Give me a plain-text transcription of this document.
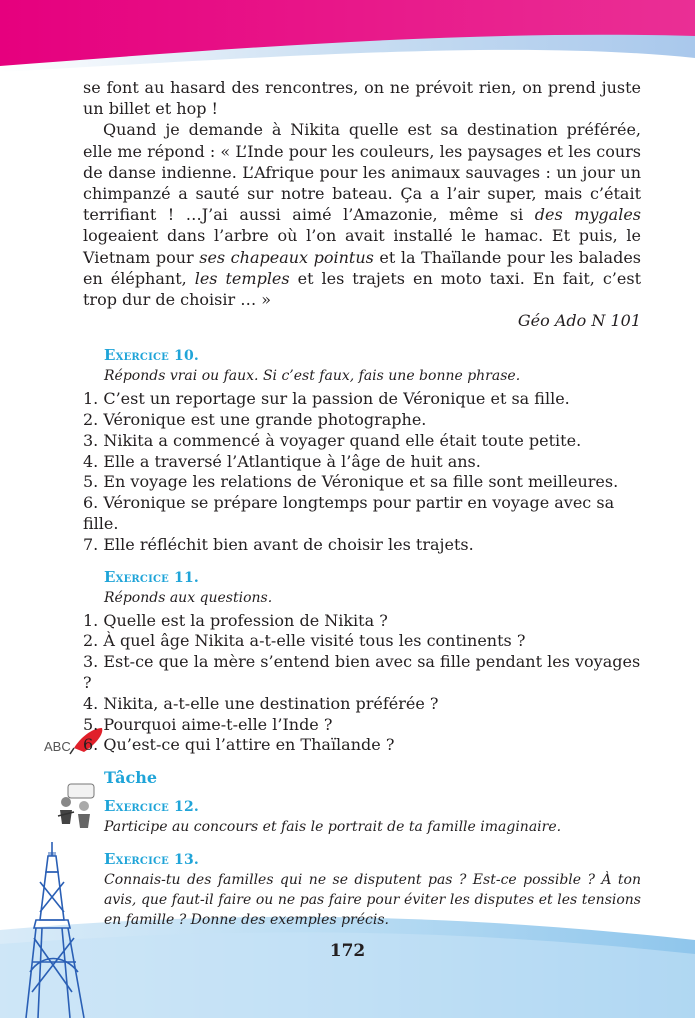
ABC

se font au hasard des rencontres, on ne prévoit rien, on prend juste un billet et hop !

Quand je demande à Nikita quelle est sa destination préférée, elle me répond : « L’Inde pour les couleurs, les paysages et les cours de danse indienne. L’Afrique pour les animaux sauvages : un jour un chimpanzé a sauté sur notre bateau. Ça a l’air super, mais c’était terrifiant ! …J’ai aussi aimé l’Amazonie, même si des mygales logeaient dans l’arbre où l’on avait installé le hamac. Et puis, le Vietnam pour ses chapeaux pointus et la Thaïlande pour les balades en éléphant, les temples et les trajets en moto taxi. En fait, c’est trop dur de choisir … »

Géo Ado N 101

Exercice 10.

Réponds vrai ou faux. Si c’est faux, fais une bonne phrase.

1. C’est un reportage sur la passion de Véronique et sa fille.
2. Véronique est une grande photographe.
3. Nikita a commencé à voyager quand elle était toute petite.
4. Elle a traversé l’Atlantique à l’âge de huit ans.
5. En voyage les relations de Véronique et sa fille sont meilleures.
6. Véronique se prépare longtemps pour partir en voyage avec sa fille.
7. Elle réfléchit bien avant de choisir les trajets.

Exercice 11.

Réponds aux questions.

1. Quelle est la profession de Nikita ?
2. À quel âge Nikita a-t-elle visité tous les continents ?
3. Est-ce que la mère s’entend bien avec sa fille pendant les voyages ?
4. Nikita, a-t-elle une destination préférée ?
5. Pourquoi aime-t-elle l’Inde ?
6. Qu’est-ce qui l’attire en Thaïlande ?

Tâche

Exercice 12.

Participe au concours et fais le portrait de ta famille imaginaire.

Exercice 13.

Connais-tu des familles qui ne se disputent pas ? Est-ce possible ? À ton avis, que faut-il faire ou ne pas faire pour éviter les disputes et les tensions en famille ? Donne des exemples précis.

172
